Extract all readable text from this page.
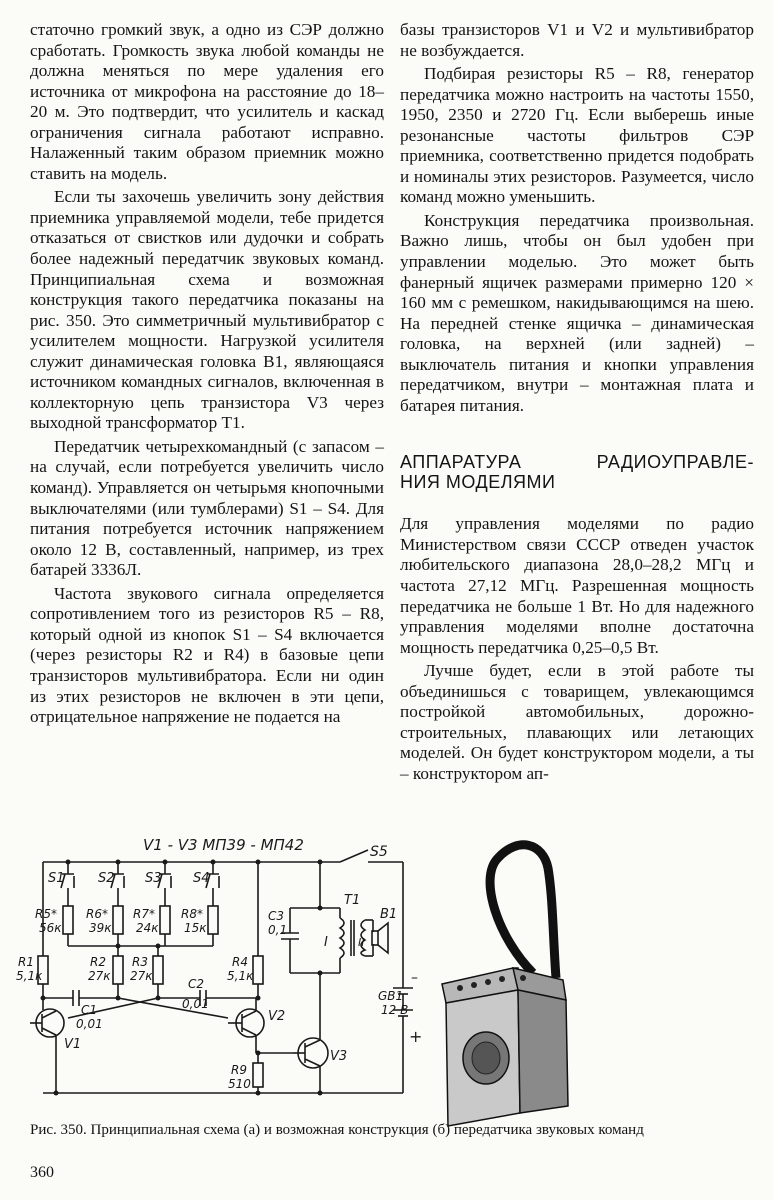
статочно громкий звук, а одно из СЭР должно сработать. Громкость звука любой команды не должна меняться по мере удаления его источника от микрофона на расстояние до 18–20 м. Это подтвердит, что усилитель и каскад ограничения сигнала работают исправно. Налаженный таким образом приемник можно ставить на модель.

Если ты захочешь увеличить зону действия приемника управляемой модели, тебе придется отказаться от свистков или дудочки и собрать более надежный передатчик звуковых команд. Принципиальная схема и возможная конструкция такого передатчика показаны на рис. 350. Это симметричный мультивибратор с усилителем мощности. Нагрузкой усилителя служит динамическая головка В1, являющаяся источником командных сигналов, включенная в коллекторную цепь транзистора V3 через выходной трансформатор Т1.

Передатчик четырехкомандный (с запасом – на случай, если потребуется увеличить число команд). Управляется он четырьмя кнопочными выключателями (или тумблерами) S1 – S4. Для питания потребуется источник напряжением около 12 В, составленный, например, из трех батарей 3336Л.

Частота звукового сигнала определяется сопротивлением того из резисторов R5 – R8, который одной из кнопок S1 – S4 включается (через резисторы R2 и R4) в базовые цепи транзисторов мультивибратора. Если ни один из этих резисторов не включен в эти цепи, отрицательное напряжение не подается на

базы транзисторов V1 и V2 и мультивибратор не возбуждается.

Подбирая резисторы R5 – R8, генератор передатчика можно настроить на частоты 1550, 1950, 2350 и 2720 Гц. Если выберешь иные резонансные частоты фильтров СЭР приемника, соответственно придется подобрать и номиналы этих резисторов. Разумеется, число команд можно уменьшить.

Конструкция передатчика произвольная. Важно лишь, чтобы он был удобен при управлении моделью. Это может быть фанерный ящичек размерами примерно 120 × 160 мм с ремешком, накидывающимся на шею. На передней стенке ящичка – динамическая головка, на верхней (или задней) – выключатель питания и кнопки управления передатчиком, внутри – монтажная плата и батарея питания.

АППАРАТУРА	РАДИОУПРАВЛЕ-
НИЯ МОДЕЛЯМИ

Для управления моделями по радио Министерством связи СССР отведен участок любительского диапазона 28,0–28,2 МГц и частота 27,12 МГц. Разрешенная мощность передатчика не больше 1 Вт. Но для надежного управления моделями вполне достаточна мощность передатчика 0,25–0,5 Вт.

Лучше будет, если в этой работе ты объединишься с товарищем, увлекающимся постройкой автомобильных, дорожно-строительных, плавающих или летающих моделей. Он будет конструктором модели, а ты – конструктором ап-

V1 - V3 МП39 - МП42	S5
S1	S2 S3 S4
R5*
56к
R6*
39к
R7*
24к
R8*
15к
R1
5,1к
R2
27к
R3
27к
R4
5,1к
R9
510
C1
0,01
C2
0,01
C3
0,1
V1
V2
V3
T1
I	II
B1
GB1
12 В
–
+
Рис. 350. Принципиальная схема (а) и возможная конструкция (б) передатчика звуковых команд
360
